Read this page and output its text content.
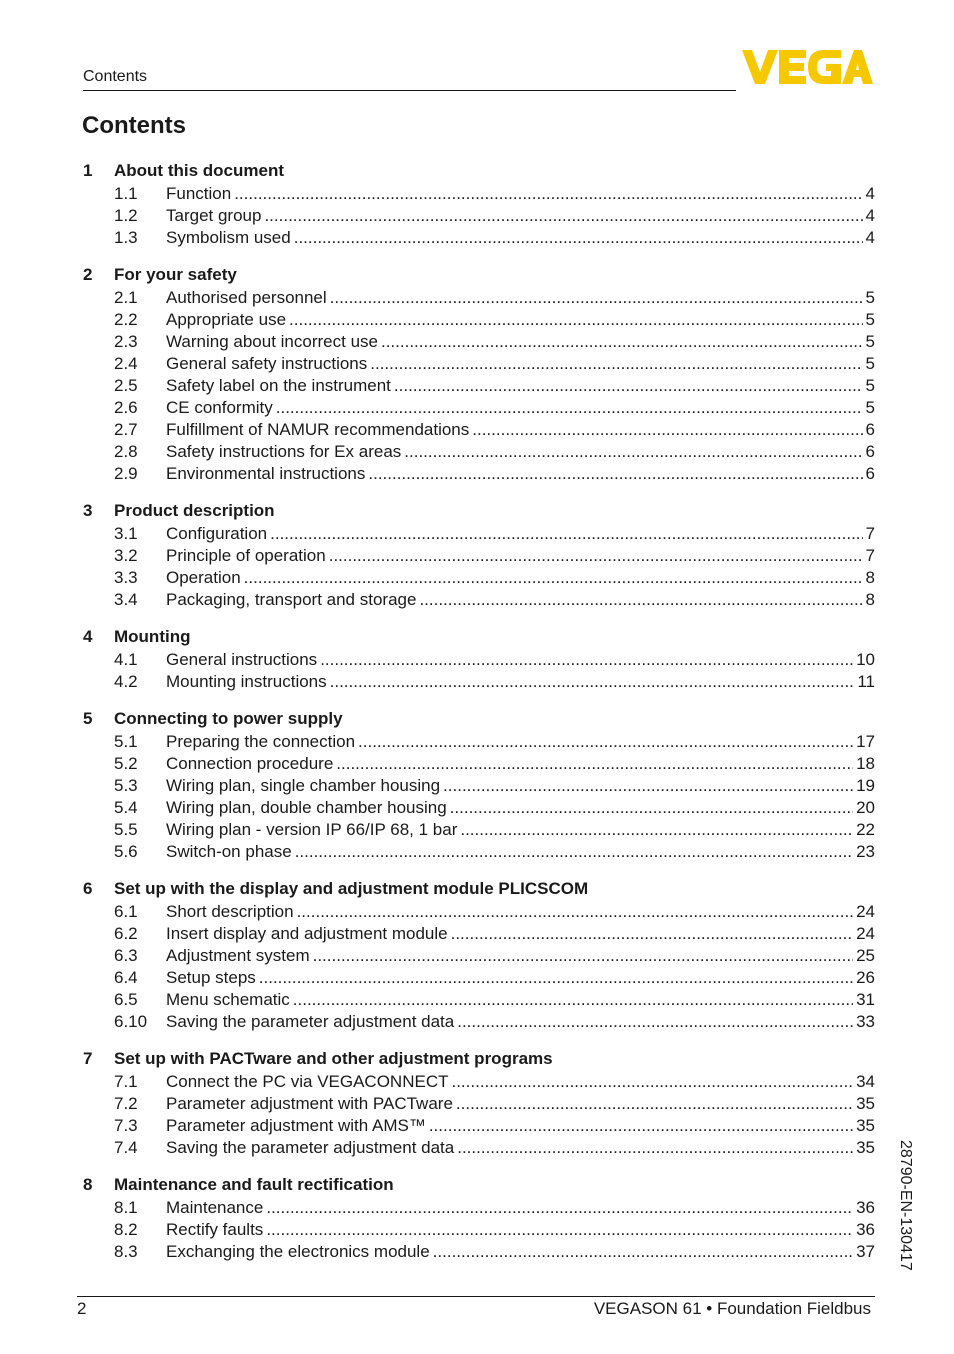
Contents
Contents
1	About this document
1.1	Function .....	4
1.2	Target group .....	4
1.3	Symbolism used .....	4
2	For your safety
2.1	Authorised personnel .....	5
2.2	Appropriate use .....	5
2.3	Warning about incorrect use .....	5
2.4	General safety instructions .....	5
2.5	Safety label on the instrument .....	5
2.6	CE conformity .....	5
2.7	Fulfillment of NAMUR recommendations .....	6
2.8	Safety instructions for Ex areas .....	6
2.9	Environmental instructions .....	6
3	Product description
3.1	Configuration .....	7
3.2	Principle of operation .....	7
3.3	Operation .....	8
3.4	Packaging, transport and storage .....	8
4	Mounting
4.1	General instructions .....	10
4.2	Mounting instructions .....	11
5	Connecting to power supply
5.1	Preparing the connection .....	17
5.2	Connection procedure .....	18
5.3	Wiring plan, single chamber housing .....	19
5.4	Wiring plan, double chamber housing .....	20
5.5	Wiring plan - version IP 66/IP 68, 1 bar .....	22
5.6	Switch-on phase .....	23
6	Set up with the display and adjustment module PLICSCOM
6.1	Short description .....	24
6.2	Insert display and adjustment module .....	24
6.3	Adjustment system .....	25
6.4	Setup steps .....	26
6.5	Menu schematic .....	31
6.10	Saving the parameter adjustment data .....	33
7	Set up with PACTware and other adjustment programs
7.1	Connect the PC via VEGACONNECT .....	34
7.2	Parameter adjustment with PACTware .....	35
7.3	Parameter adjustment with AMS™ .....	35
7.4	Saving the parameter adjustment data .....	35
8	Maintenance and fault rectification
8.1	Maintenance .....	36
8.2	Rectify faults .....	36
8.3	Exchanging the electronics module .....	37
2	VEGASON 61 • Foundation Fieldbus
28790-EN-130417
